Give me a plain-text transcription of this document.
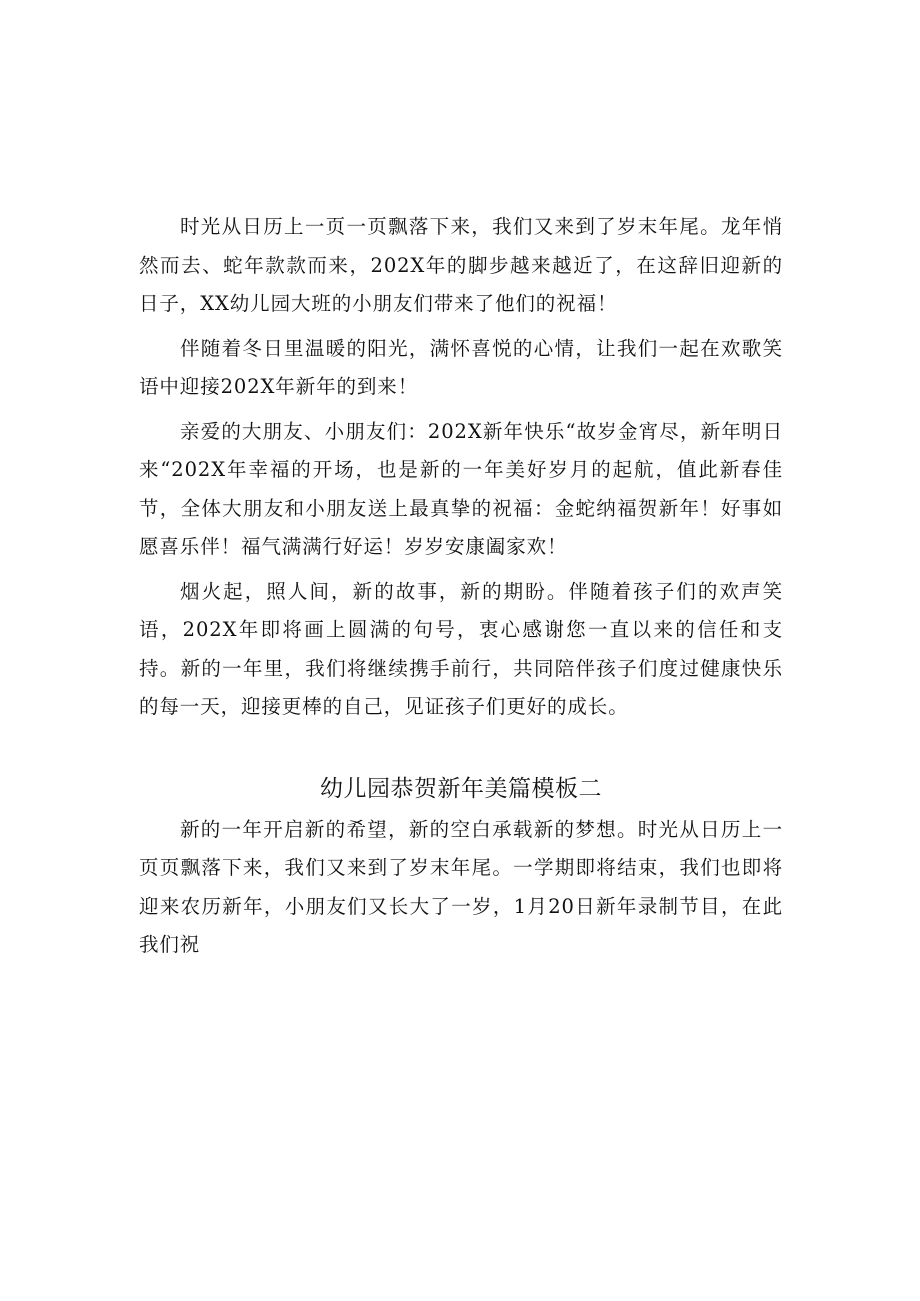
时光从日历上一页一页飘落下来，我们又来到了岁末年尾。龙年悄然而去、蛇年款款而来，202X年的脚步越来越近了，在这辞旧迎新的日子，XX幼儿园大班的小朋友们带来了他们的祝福！

伴随着冬日里温暖的阳光，满怀喜悦的心情，让我们一起在欢歌笑语中迎接202X年新年的到来！

亲爱的大朋友、小朋友们：202X新年快乐“故岁金宵尽，新年明日来“202X年幸福的开场，也是新的一年美好岁月的起航，值此新春佳节，全体大朋友和小朋友送上最真挚的祝福：金蛇纳福贺新年！好事如愿喜乐伴！福气满满行好运！岁岁安康阖家欢！

烟火起，照人间，新的故事，新的期盼。伴随着孩子们的欢声笑语，202X年即将画上圆满的句号，衷心感谢您一直以来的信任和支持。新的一年里，我们将继续携手前行，共同陪伴孩子们度过健康快乐的每一天，迎接更棒的自己，见证孩子们更好的成长。

幼儿园恭贺新年美篇模板二

新的一年开启新的希望，新的空白承载新的梦想。时光从日历上一页页飘落下来，我们又来到了岁末年尾。一学期即将结束，我们也即将迎来农历新年，小朋友们又长大了一岁，1月20日新年录制节目，在此我们祝
